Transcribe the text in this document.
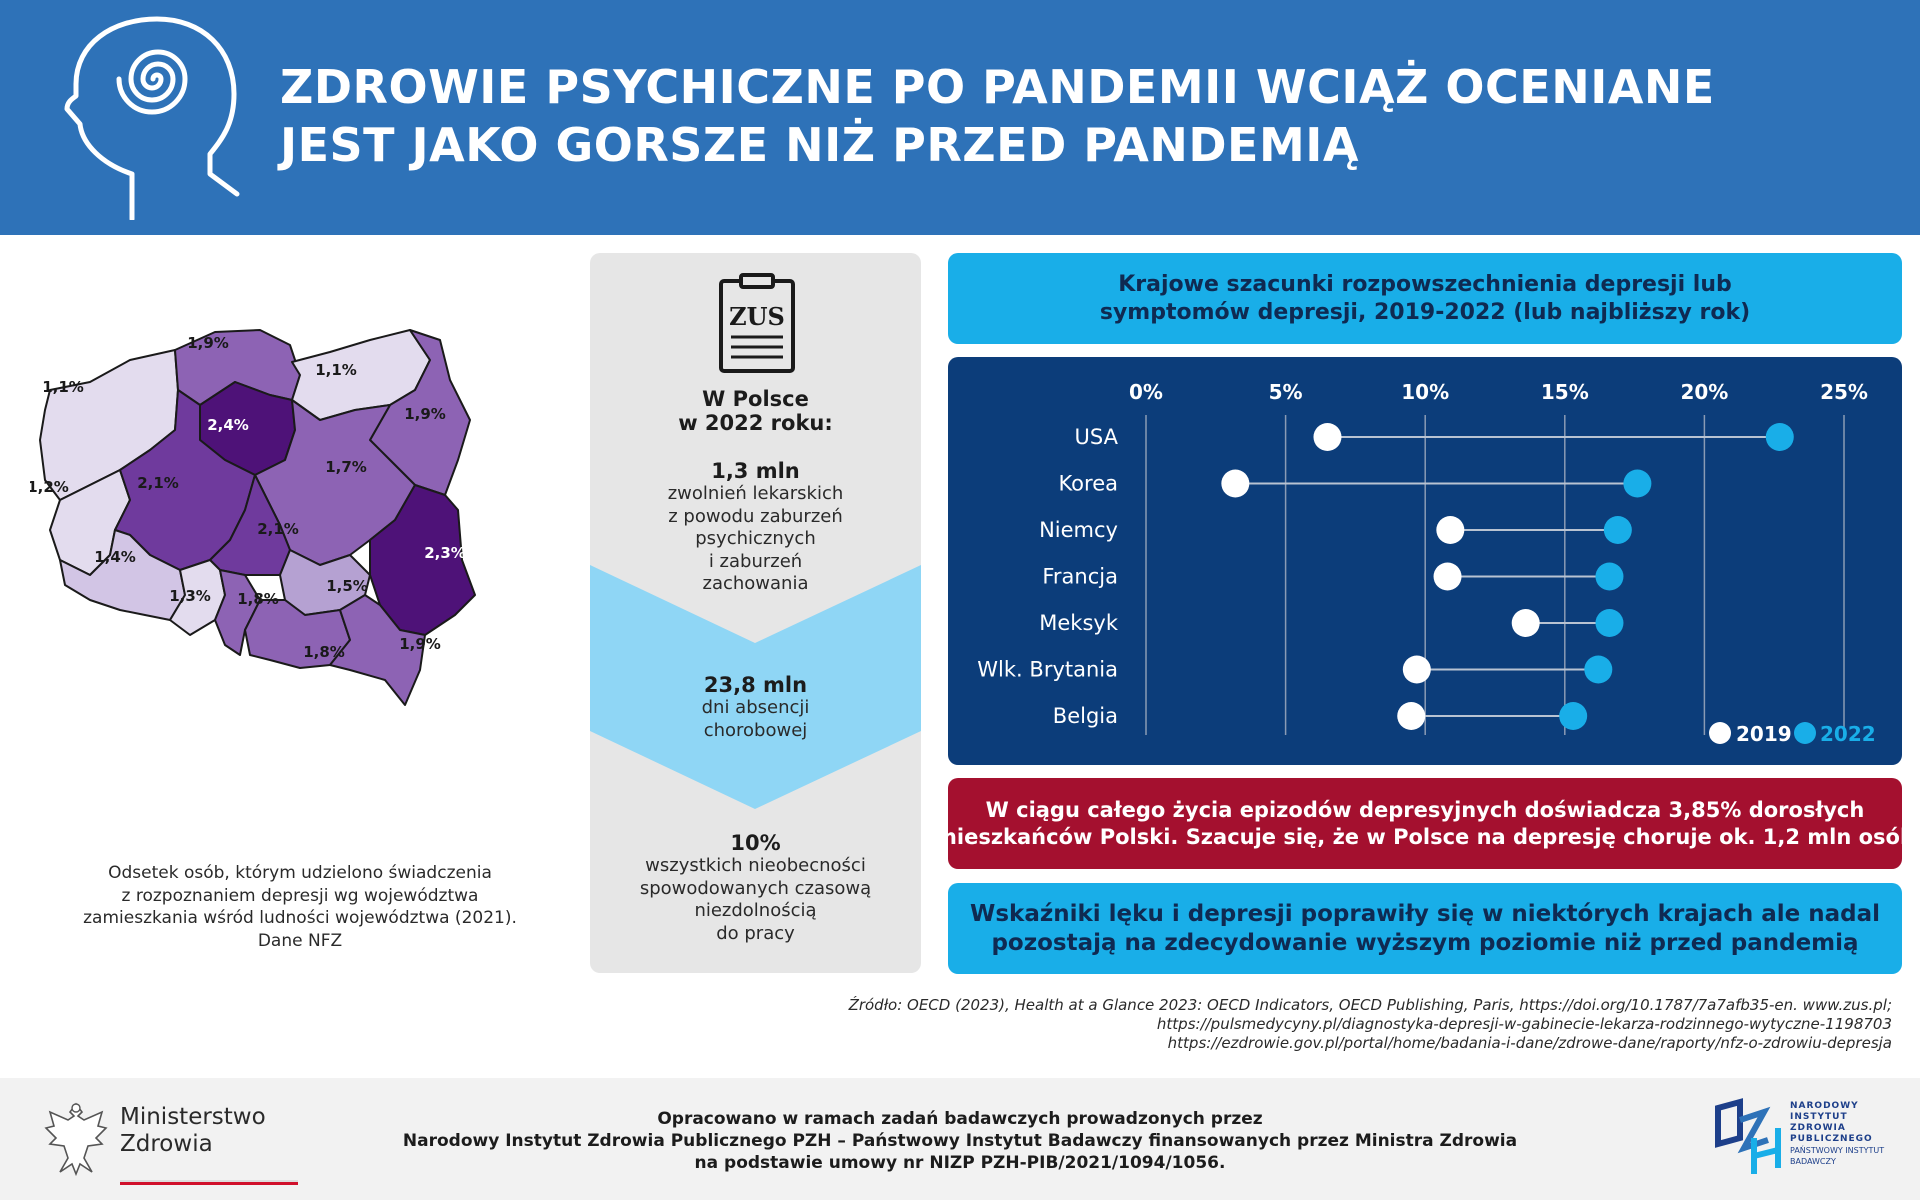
ZDROWIE PSYCHICZNE PO PANDEMII WCIĄŻ OCENIANE
JEST JAKO GORSZE NIŻ PRZED PANDEMIĄ
1,1%
1,9%
1,1%
1,9%
2,4%
1,2%	2,1%
1,7%
2,1%
2,3%
1,4%
1,3% 1,8%
1,5%
1,8%	1,9%
Odsetek osób, którym udzielono świadczenia
z rozpoznaniem depresji wg województwa
zamieszkania wśród ludności województwa (2021).
Dane NFZ
ZUS
W Polsce
w 2022 roku:
1,3 mln
zwolnień lekarskich
z powodu zaburzeń
psychicznych
i zaburzeń
zachowania
23,8 mln
dni absencji
chorobowej
10%
wszystkich nieobecności
spowodowanych czasową
niezdolnością
do pracy
Krajowe szacunki rozpowszechnienia depresji lub
symptomów depresji, 2019-2022 (lub najbliższy rok)
0%	5%	10%	15%	20%	25%
USA
Korea
Niemcy
Francja
Meksyk
Wlk. Brytania
Belgia
2019 2022
W ciągu całego życia epizodów depresyjnych doświadcza 3,85% dorosłych
mieszkańców Polski. Szacuje się, że w Polsce na depresję choruje ok. 1,2 mln osób
Wskaźniki lęku i depresji poprawiły się w niektórych krajach ale nadal
pozostają na zdecydowanie wyższym poziomie niż przed pandemią
Źródło: OECD (2023), Health at a Glance 2023: OECD Indicators, OECD Publishing, Paris, https://doi.org/10.1787/7a7afb35-en. www.zus.pl;
https://pulsmedycyny.pl/diagnostyka-depresji-w-gabinecie-lekarza-rodzinnego-wytyczne-1198703
https://ezdrowie.gov.pl/portal/home/badania-i-dane/zdrowe-dane/raporty/nfz-o-zdrowiu-depresja
Ministerstwo
Zdrowia
Opracowano w ramach zadań badawczych prowadzonych przez
Narodowy Instytut Zdrowia Publicznego PZH – Państwowy Instytut Badawczy finansowanych przez Ministra Zdrowia
na podstawie umowy nr NIZP PZH-PIB/2021/1094/1056.
NARODOWY
INSTYTUT
ZDROWIA
PUBLICZNEGO
PAŃSTWOWY INSTYTUT
BADAWCZY
